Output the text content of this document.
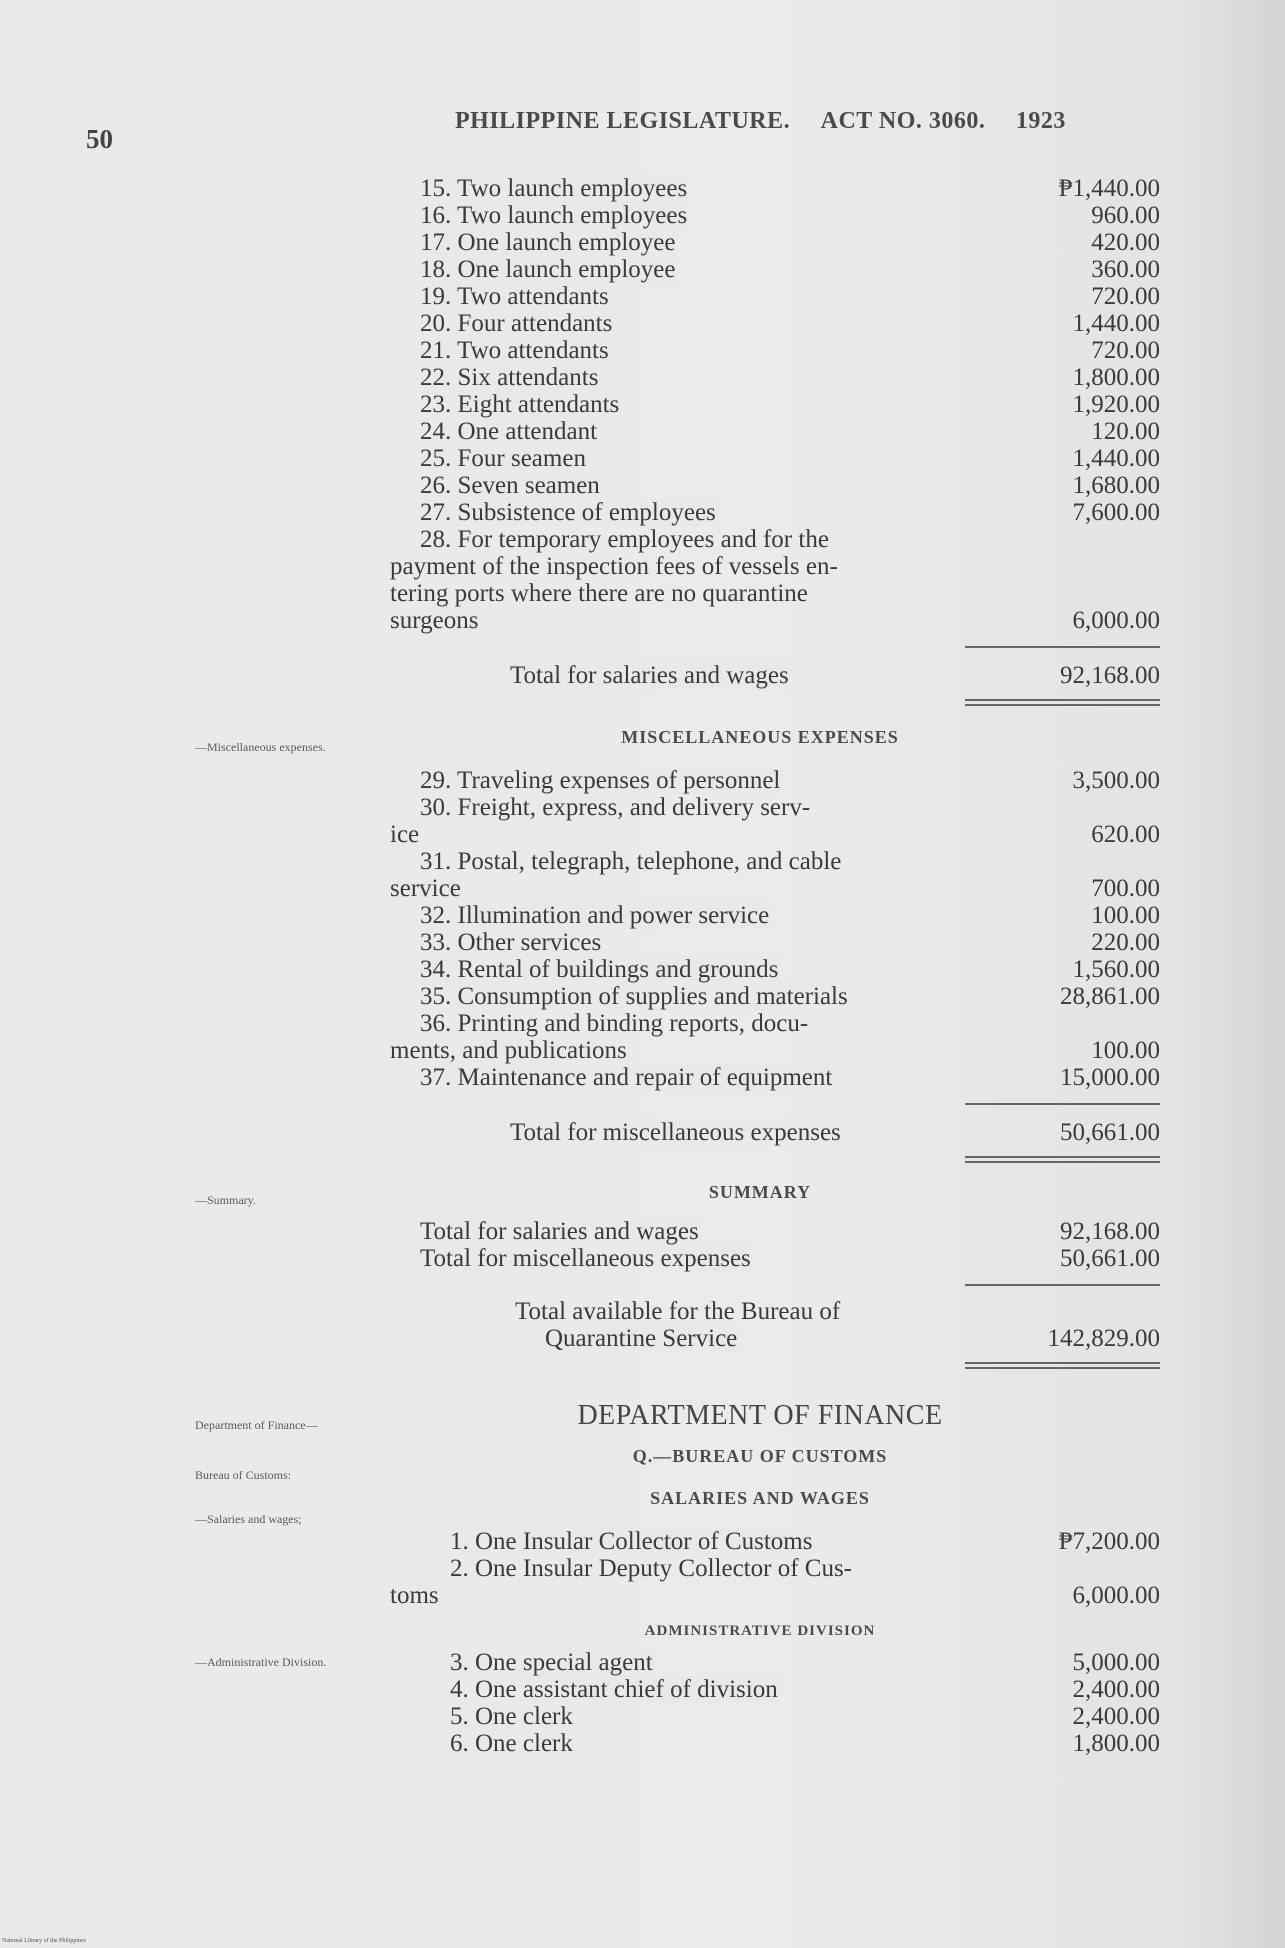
50
PHILIPPINE LEGISLATURE. ACT NO. 3060. 1923
15. Two launch employees	₱1,440.00
16. Two launch employees	960.00
17. One launch employee	420.00
18. One launch employee	360.00
19. Two attendants	720.00
20. Four attendants	1,440.00
21. Two attendants	720.00
22. Six attendants	1,800.00
23. Eight attendants	1,920.00
24. One attendant	120.00
25. Four seamen	1,440.00
26. Seven seamen	1,680.00
27. Subsistence of employees	7,600.00
28. For temporary employees and for the
payment of the inspection fees of vessels en-
tering ports where there are no quarantine
surgeons	6,000.00
Total for salaries and wages	92,168.00
MISCELLANEOUS EXPENSES
29. Traveling expenses of personnel	3,500.00
30. Freight, express, and delivery serv-
ice	620.00
31. Postal, telegraph, telephone, and cable
service	700.00
32. Illumination and power service	100.00
33. Other services	220.00
34. Rental of buildings and grounds	1,560.00
35. Consumption of supplies and materials	28,861.00
36. Printing and binding reports, docu-
ments, and publications	100.00
37. Maintenance and repair of equipment	15,000.00
Total for miscellaneous expenses	50,661.00
SUMMARY
Total for salaries and wages	92,168.00
Total for miscellaneous expenses	50,661.00
Total available for the Bureau of
Quarantine Service	142,829.00
DEPARTMENT OF FINANCE
Q.—BUREAU OF CUSTOMS
SALARIES AND WAGES
1. One Insular Collector of Customs	₱7,200.00
2. One Insular Deputy Collector of Cus-
toms	6,000.00
ADMINISTRATIVE DIVISION
3. One special agent	5,000.00
4. One assistant chief of division	2,400.00
5. One clerk	2,400.00
6. One clerk	1,800.00
—Miscellaneous expenses.
—Summary.
Department of Finance—
Bureau of Customs:
—Salaries and wages;
—Administrative Division.
National Library of the Philippines
